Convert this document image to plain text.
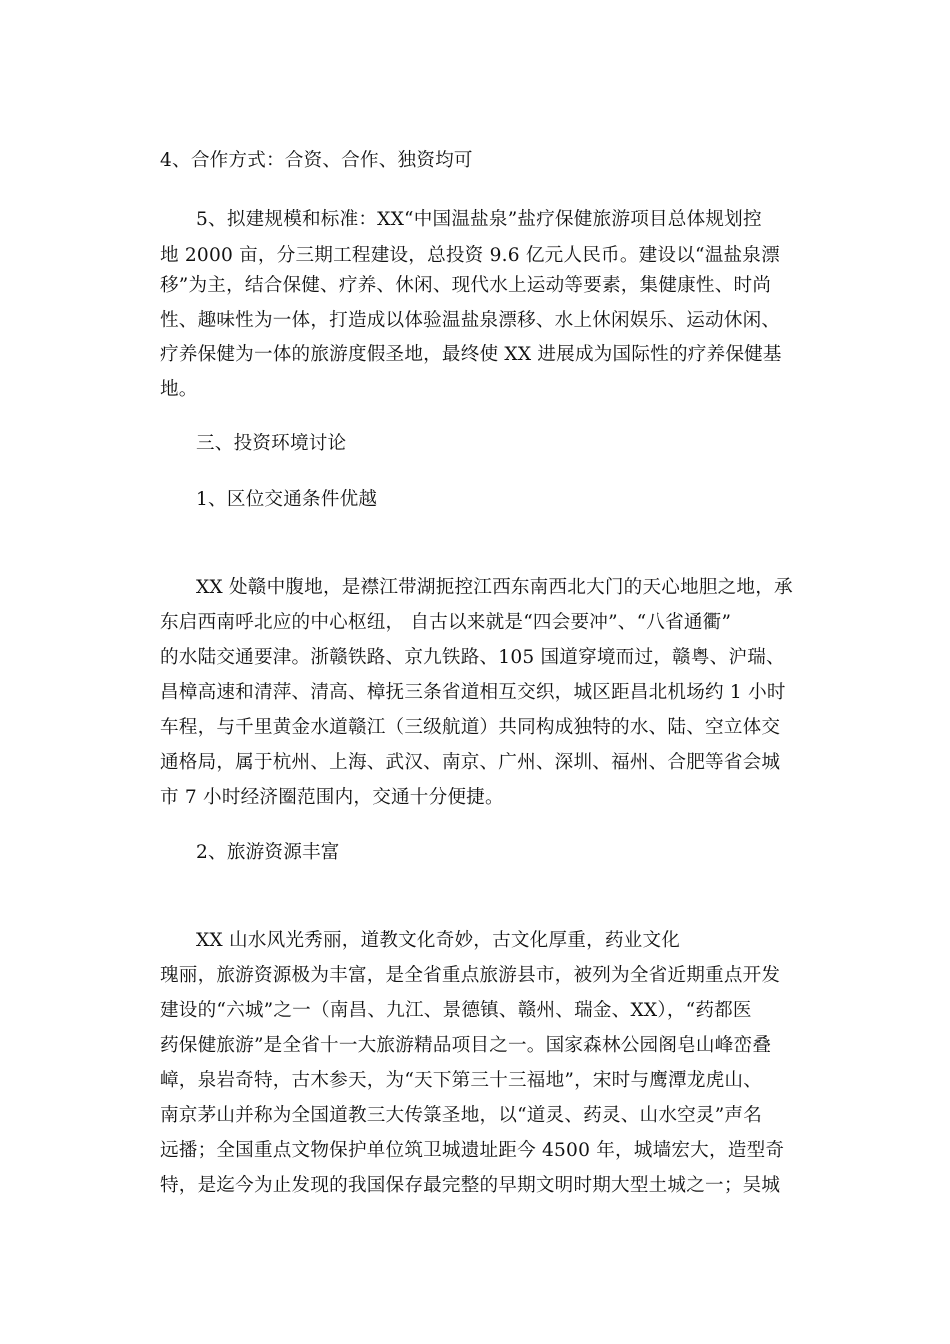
4、合作方式：合资、合作、独资均可
5、拟建规模和标准：XX“中国温盐泉”盐疗保健旅游项目总体规划控
地 2000 亩，分三期工程建设，总投资 9.6 亿元人民币。建设以“温盐泉漂
移”为主，结合保健、疗养、休闲、现代水上运动等要素，集健康性、时尚
性、趣味性为一体，打造成以体验温盐泉漂移、水上休闲娱乐、运动休闲、
疗养保健为一体的旅游度假圣地，最终使 XX 进展成为国际性的疗养保健基
地。
三、投资环境讨论
1、区位交通条件优越
XX 处赣中腹地，是襟江带湖扼控江西东南西北大门的天心地胆之地，承
东启西南呼北应的中心枢纽， 自古以来就是“四会要冲”、“八省通衢”
的水陆交通要津。浙赣铁路、京九铁路、105 国道穿境而过，赣粤、沪瑞、
昌樟高速和清萍、清高、樟抚三条省道相互交织，城区距昌北机场约 1 小时
车程，与千里黄金水道赣江（三级航道）共同构成独特的水、陆、空立体交
通格局，属于杭州、上海、武汉、南京、广州、深圳、福州、合肥等省会城
市 7 小时经济圈范围内，交通十分便捷。
2、旅游资源丰富
XX 山水风光秀丽，道教文化奇妙，古文化厚重，药业文化
瑰丽，旅游资源极为丰富，是全省重点旅游县市，被列为全省近期重点开发
建设的“六城”之一（南昌、九江、景德镇、赣州、瑞金、XX），“药都医
药保健旅游”是全省十一大旅游精品项目之一。国家森林公园阁皂山峰峦叠
嶂，泉岩奇特，古木参天，为“天下第三十三福地”，宋时与鹰潭龙虎山、
南京茅山并称为全国道教三大传箓圣地，以“道灵、药灵、山水空灵”声名
远播；全国重点文物保护单位筑卫城遗址距今 4500 年，城墙宏大，造型奇
特，是迄今为止发现的我国保存最完整的早期文明时期大型土城之一；吴城
